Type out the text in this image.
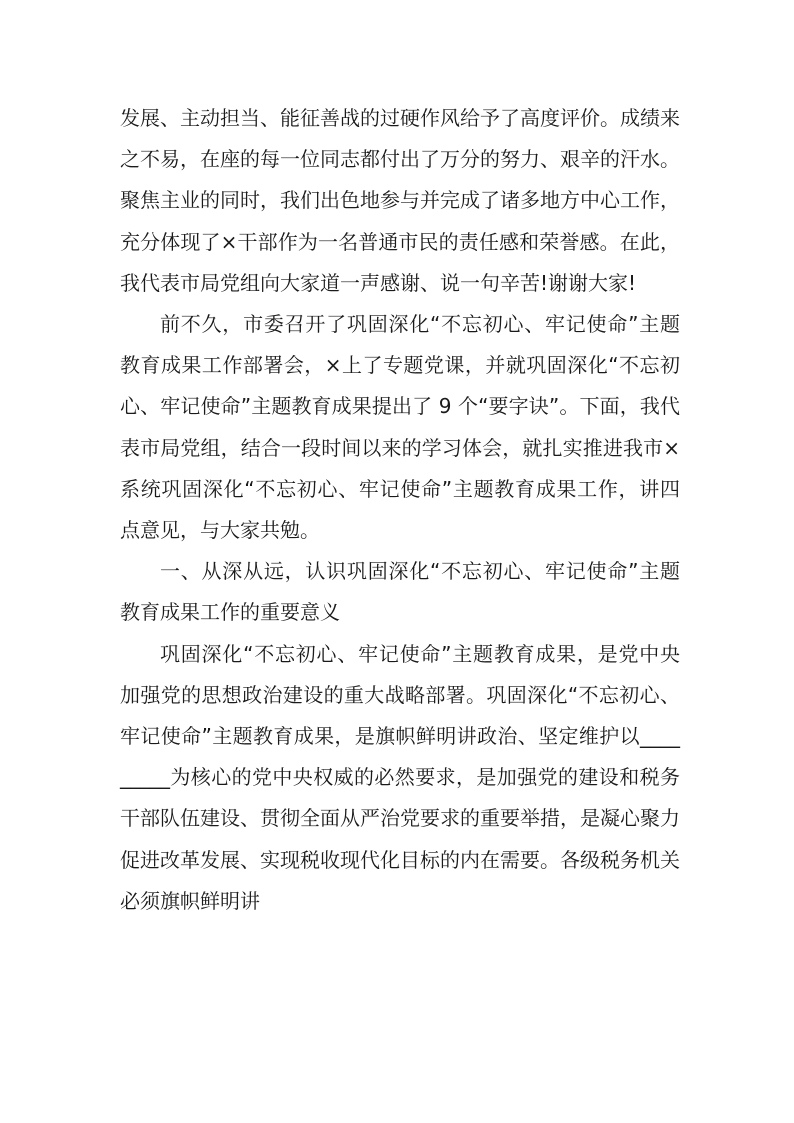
发展、主动担当、能征善战的过硬作风给予了高度评价。成绩来之不易，在座的每一位同志都付出了万分的努力、艰辛的汗水。聚焦主业的同时，我们出色地参与并完成了诸多地方中心工作，充分体现了×干部作为一名普通市民的责任感和荣誉感。在此，我代表市局党组向大家道一声感谢、说一句辛苦!谢谢大家!

前不久，市委召开了巩固深化“不忘初心、牢记使命”主题教育成果工作部署会，×上了专题党课，并就巩固深化“不忘初心、牢记使命”主题教育成果提出了 9 个“要字诀”。下面，我代表市局党组，结合一段时间以来的学习体会，就扎实推进我市×系统巩固深化“不忘初心、牢记使命”主题教育成果工作，讲四点意见，与大家共勉。

一、从深从远，认识巩固深化“不忘初心、牢记使命”主题教育成果工作的重要意义

巩固深化“不忘初心、牢记使命”主题教育成果，是党中央加强党的思想政治建设的重大战略部署。巩固深化“不忘初心、牢记使命”主题教育成果，是旗帜鲜明讲政治、坚定维护以_________为核心的党中央权威的必然要求，是加强党的建设和税务干部队伍建设、贯彻全面从严治党要求的重要举措，是凝心聚力促进改革发展、实现税收现代化目标的内在需要。各级税务机关必须旗帜鲜明讲
